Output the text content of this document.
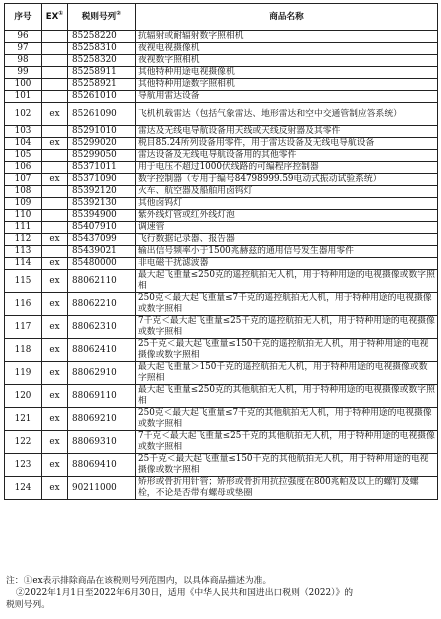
序号	EX①	税则号列②	商品名称
96		85258220	抗辐射或耐辐射数字照相机
97		85258310	夜视电视摄像机
98		85258320	夜视数字照相机
99		85258911	其他特种用途电视摄像机
100		85258921	其他特种用途数字照相机
101		85261010	导航用雷达设备
102	ex	85261090	飞机机载雷达（包括气象雷达、地形雷达和空中交通管制应答系统）
103		85291010	雷达及无线电导航设备用天线或天线反射器及其零件
104	ex	85299020	税目85.24所列设备用零件，用于雷达设备及无线电导航设备
105		85299050	雷达设备及无线电导航设备用的其他零件
106		85371011	用于电压不超过1000伏线路的可编程序控制器
107	ex	85371090	数字控制器（专用于编号84798999.59电动式振动试验系统）
108		85392120	火车、航空器及船舶用卤钨灯
109		85392130	其他卤钨灯
110		85394900	紫外线灯管或红外线灯泡
111		85407910	调速管
112	ex	85437099	飞行数据记录器、报告器
113		85439021	输出信号频率小于1500兆赫兹的通用信号发生器用零件
114	ex	85480000	非电磁干扰滤波器
115	ex	88062110	最大起飞重量≤250克的遥控航拍无人机，用于特种用途的电视摄像或数字照相
116	ex	88062210	250克＜最大起飞重量≤7千克的遥控航拍无人机，用于特种用途的电视摄像或数字照相
117	ex	88062310	7千克＜最大起飞重量≤25千克的遥控航拍无人机，用于特种用途的电视摄像或数字照相
118	ex	88062410	25千克＜最大起飞重量≤150千克的遥控航拍无人机，用于特种用途的电视摄像或数字照相
119	ex	88062910	最大起飞重量＞150千克的遥控航拍无人机，用于特种用途的电视摄像或数字照相
120	ex	88069110	最大起飞重量≤250克的其他航拍无人机，用于特种用途的电视摄像或数字照相
121	ex	88069210	250克＜最大起飞重量≤7千克的其他航拍无人机，用于特种用途的电视摄像或数字照相
122	ex	88069310	7千克＜最大起飞重量≤25千克的其他航拍无人机，用于特种用途的电视摄像或数字照相
123	ex	88069410	25千克＜最大起飞重量≤150千克的其他航拍无人机，用于特种用途的电视摄像或数字照相
124	ex	90211000	矫形或骨折用针管；矫形或骨折用抗拉强度在800兆帕及以上的螺钉及螺栓，不论是否带有螺母或垫圈
注：①ex表示排除商品在该税则号列范围内，以具体商品描述为准。
②2022年1月1日至2022年6月30日，适用《中华人民共和国进出口税则（2022）》的
税则号列。
